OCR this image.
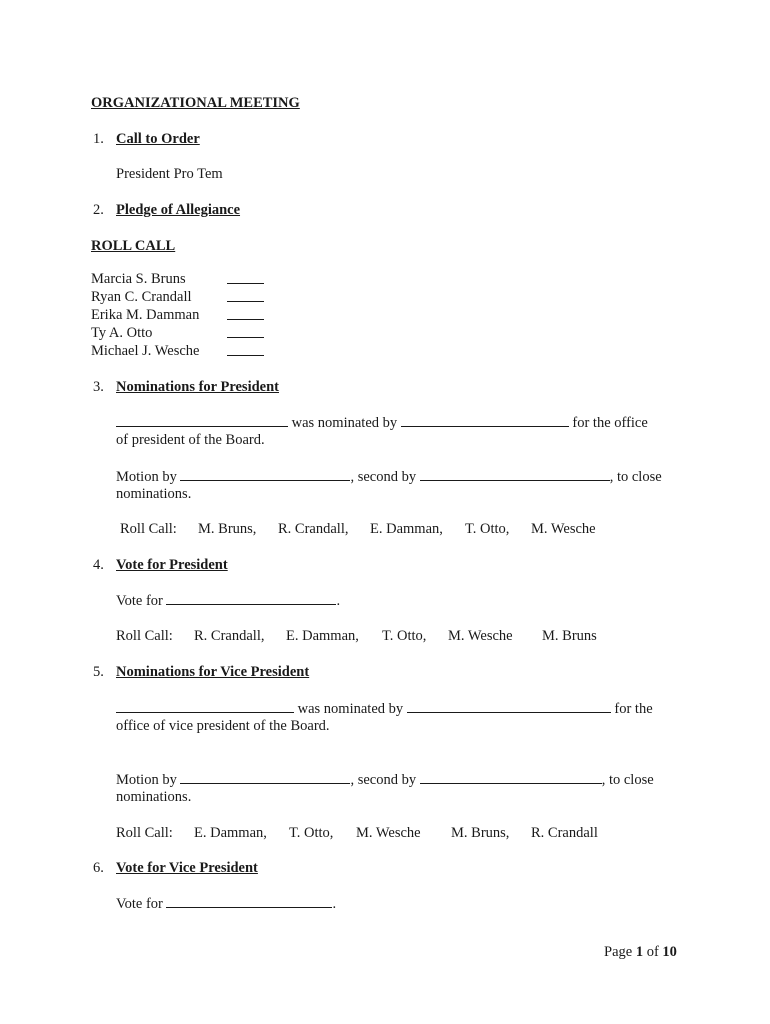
ORGANIZATIONAL MEETING
1. Call to Order
President Pro Tem
2. Pledge of Allegiance
ROLL CALL
Marcia S. Bruns
Ryan C. Crandall
Erika M. Damman
Ty A. Otto
Michael J. Wesche
3. Nominations for President
was nominated by	for the office
of president of the Board.
Motion by	, second by	, to close
nominations.
Roll Call: M. Bruns, R. Crandall, E. Damman, T. Otto, M. Wesche
4. Vote for President
Vote for	.
Roll Call: R. Crandall, E. Damman, T. Otto, M. Wesche M. Bruns
5. Nominations for Vice President
was nominated by	for the
office of vice president of the Board.
Motion by	, second by	, to close
nominations.
Roll Call: E. Damman, T. Otto, M. Wesche M. Bruns, R. Crandall
6. Vote for Vice President
Vote for	.
Page 1 of 10
